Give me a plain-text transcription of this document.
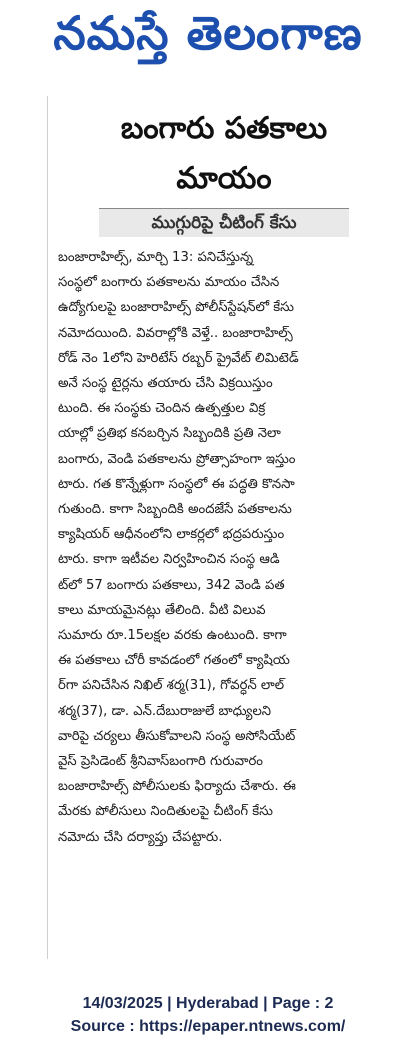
నమస్తే తెలంగాణ
బంగారు పతకాలు
మాయం
ముగ్గురిపై చీటింగ్ కేసు
బంజారాహిల్స్, మార్చి 13: పనిచేస్తున్న
సంస్థలో బంగారు పతకాలను మాయం చేసిన
ఉద్యోగులపై బంజారాహిల్స్ పోలీస్‌స్టేషన్‌లో కేసు
నమోదయింది. వివరాల్లోకి వెళ్తే.. బంజారాహిల్స్
రోడ్ నెం 1లోని హెరిటేస్ రబ్బర్ ప్రైవేట్ లిమిటెడ్
అనే సంస్థ టైర్లను తయారు చేసి విక్రయిస్తుం
టుంది. ఈ సంస్థకు చెందిన ఉత్పత్తుల విక్ర
యాల్లో ప్రతిభ కనబర్చిన సిబ్బందికి ప్రతి నెలా
బంగారు, వెండి పతకాలను ప్రోత్సాహంగా ఇస్తుం
టారు. గత కొన్నేళ్లుగా సంస్థలో ఈ పద్ధతి కొనసా
గుతుంది. కాగా సిబ్బందికి అందజేసే పతకాలను
క్యాషియర్ ఆధీనంలోని లాకర్లలో భద్రపరుస్తుం
టారు. కాగా ఇటీవల నిర్వహించిన సంస్థ ఆడి
ట్‌లో 57 బంగారు పతకాలు, 342 వెండి పత
కాలు మాయమైనట్లు తేలింది. వీటి విలువ
సుమారు రూ.15లక్షల వరకు ఉంటుంది. కాగా
ఈ పతకాలు చోరీ కావడంలో గతంలో క్యాషియ
ర్‌గా పనిచేసిన నిఖిల్ శర్మ(31), గోవర్ధన్ లాల్
శర్మ(37), డా. ఎన్.దేబురాజులే బాధ్యులని
వారిపై చర్యలు తీసుకోవాలని సంస్థ అసోసియేట్
వైస్ ప్రెసిడెంట్ శ్రీనివాస్‌బంగారి గురువారం
బంజారాహిల్స్ పోలీసులకు ఫిర్యాదు చేశారు. ఈ
మేరకు పోలీసులు నిందితులపై చీటింగ్ కేసు
నమోదు చేసి దర్యాప్తు చేపట్టారు.
14/03/2025 | Hyderabad | Page : 2
Source : https://epaper.ntnews.com/
